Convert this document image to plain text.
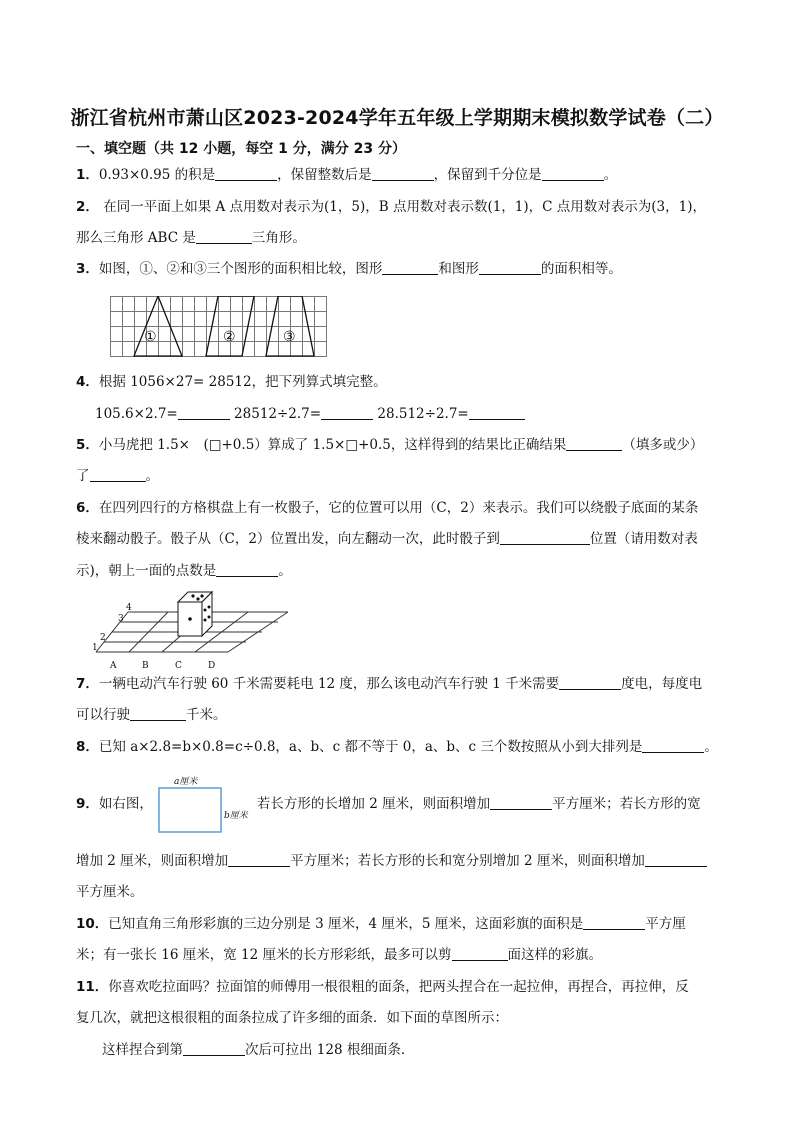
浙江省杭州市萧山区2023-2024学年五年级上学期期末模拟数学试卷（二）
一、填空题（共 12 小题，每空 1 分，满分 23 分）
1．0.93×0.95 的积是	，保留整数后是	，保留到千分位是	。
2． 在同一平面上如果 A 点用数对表示为(1，5)，B 点用数对表示数(1，1)，C 点用数对表示为(3，1)，
那么三角形 ABC 是	三角形。
3．如图，①、②和③三个图形的面积相比较，图形	和图形	的面积相等。
①	②	③
4．根据 1056×27= 28512，把下列算式填完整。
105.6×2.7=	28512÷2.7=	28.512÷2.7=
5．小马虎把 1.5×　(□+0.5）算成了 1.5×□+0.5，这样得到的结果比正确结果	（填多或少）
了	。
6．在四列四行的方格棋盘上有一枚骰子，它的位置可以用（C，2）来表示。我们可以绕骰子底面的某条
棱来翻动骰子。骰子从（C，2）位置出发，向左翻动一次，此时骰子到	位置（请用数对表
示)，朝上一面的点数是	。
A	B	C	D
1
2
3
4
7．一辆电动汽车行驶 60 千米需要耗电 12 度，那么该电动汽车行驶 1 千米需要	度电，每度电
可以行驶	千米。
8．已知 a×2.8=b×0.8=c÷0.8，a、b、c 都不等于 0，a、b、c 三个数按照从小到大排列是	。
9．如右图，	若长方形的长增加 2 厘米，则面积增加	平方厘米；若长方形的宽
a厘米
b厘米
增加 2 厘米，则面积增加	平方厘米；若长方形的长和宽分别增加 2 厘米，则面积增加
平方厘米。
10．已知直角三角形彩旗的三边分别是 3 厘米，4 厘米，5 厘米，这面彩旗的面积是	平方厘
米；有一张长 16 厘米，宽 12 厘米的长方形彩纸，最多可以剪	面这样的彩旗。
11．你喜欢吃拉面吗？拉面馆的师傅用一根很粗的面条，把两头捏合在一起拉伸，再捏合，再拉伸，反
复几次，就把这根很粗的面条拉成了许多细的面条．如下面的草图所示：
这样捏合到第	次后可拉出 128 根细面条．
